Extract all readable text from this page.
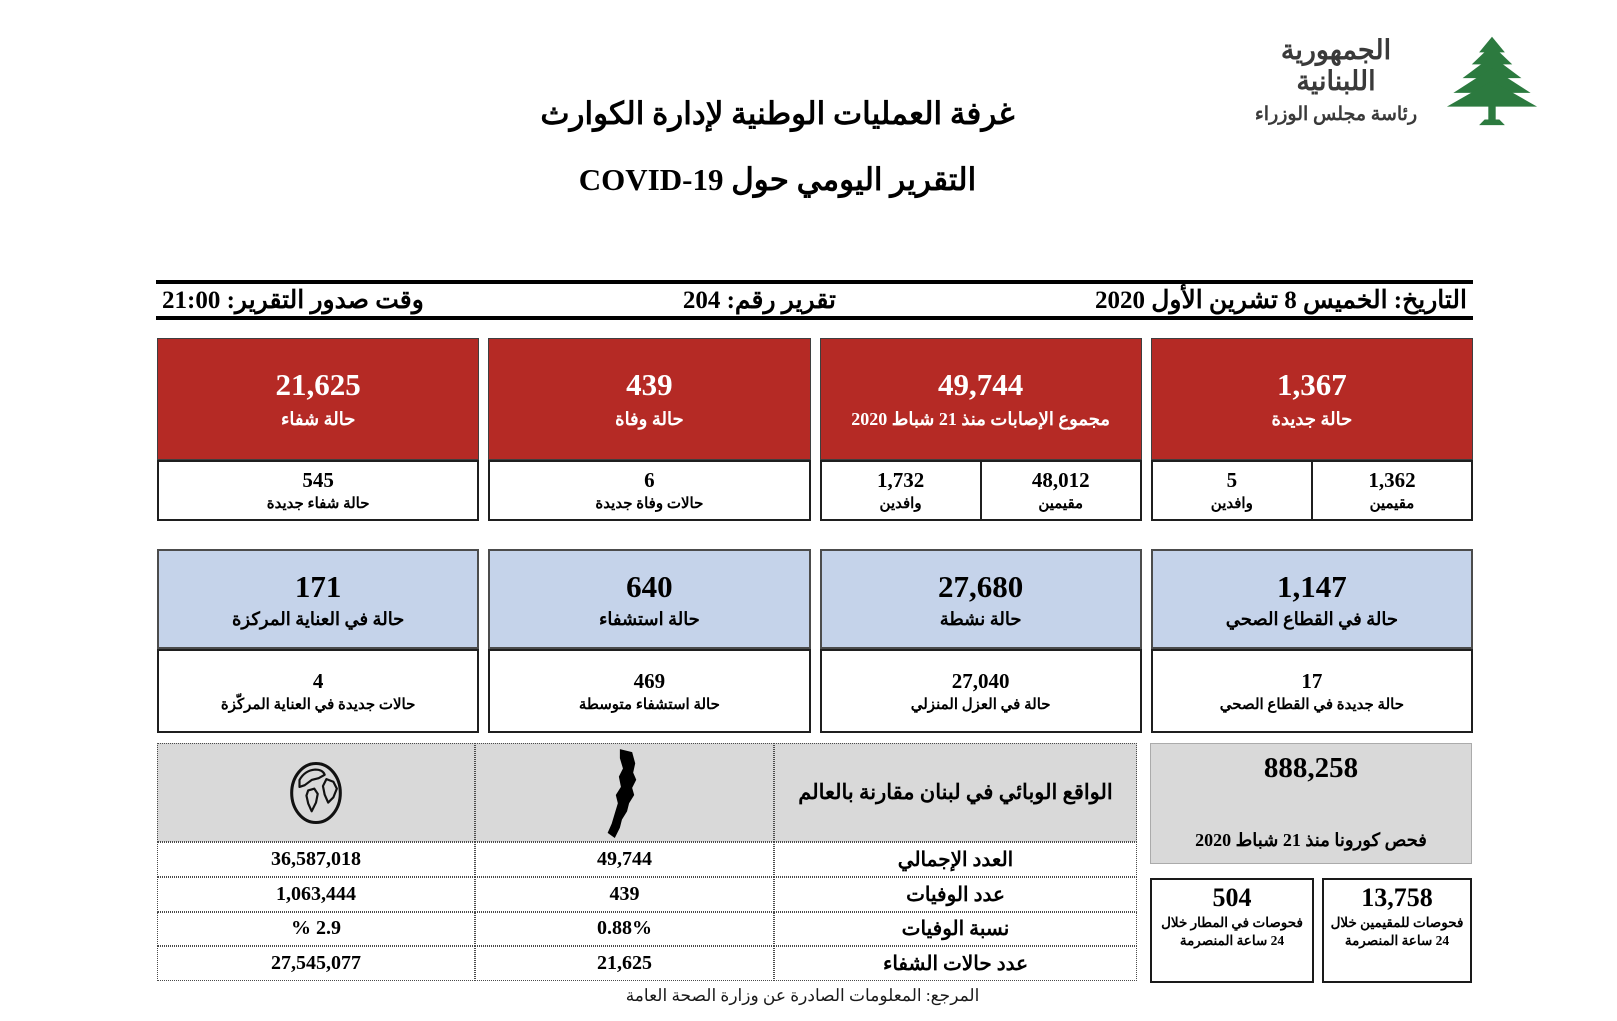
الجمهورية اللبنانية
رئاسة مجلس الوزراء
غرفة العمليات الوطنية لإدارة الكوارث
التقرير اليومي حول COVID-19
التاريخ: الخميس 8 تشرين الأول 2020
تقرير رقم: 204
وقت صدور التقرير: 21:00
1,367
حالة جديدة
49,744
مجموع الإصابات منذ 21 شباط 2020
439
حالة وفاة
21,625
حالة شفاء
1,362
مقيمين
5
وافدين
48,012
مقيمين
1,732
وافدين
6
حالات وفاة جديدة
545
حالة شفاء جديدة
1,147
حالة في القطاع الصحي
27,680
حالة نشطة
640
حالة استشفاء
171
حالة في العناية المركزة
17
حالة جديدة في القطاع الصحي
27,040
حالة في العزل المنزلي
469
حالة استشفاء متوسطة
4
حالات جديدة في العناية المركّزة
الواقع الوبائي في لبنان مقارنة بالعالم
العدد الإجمالي
49,744
36,587,018
عدد الوفيات
439
1,063,444
نسبة الوفيات
0.88%
2.9 %
عدد حالات الشفاء
21,625
27,545,077
888,258
فحص كورونا منذ 21 شباط 2020
13,758
فحوصات للمقيمين خلال 24 ساعة المنصرمة
504
فحوصات في المطار خلال 24 ساعة المنصرمة
المرجع: المعلومات الصادرة عن وزارة الصحة العامة
